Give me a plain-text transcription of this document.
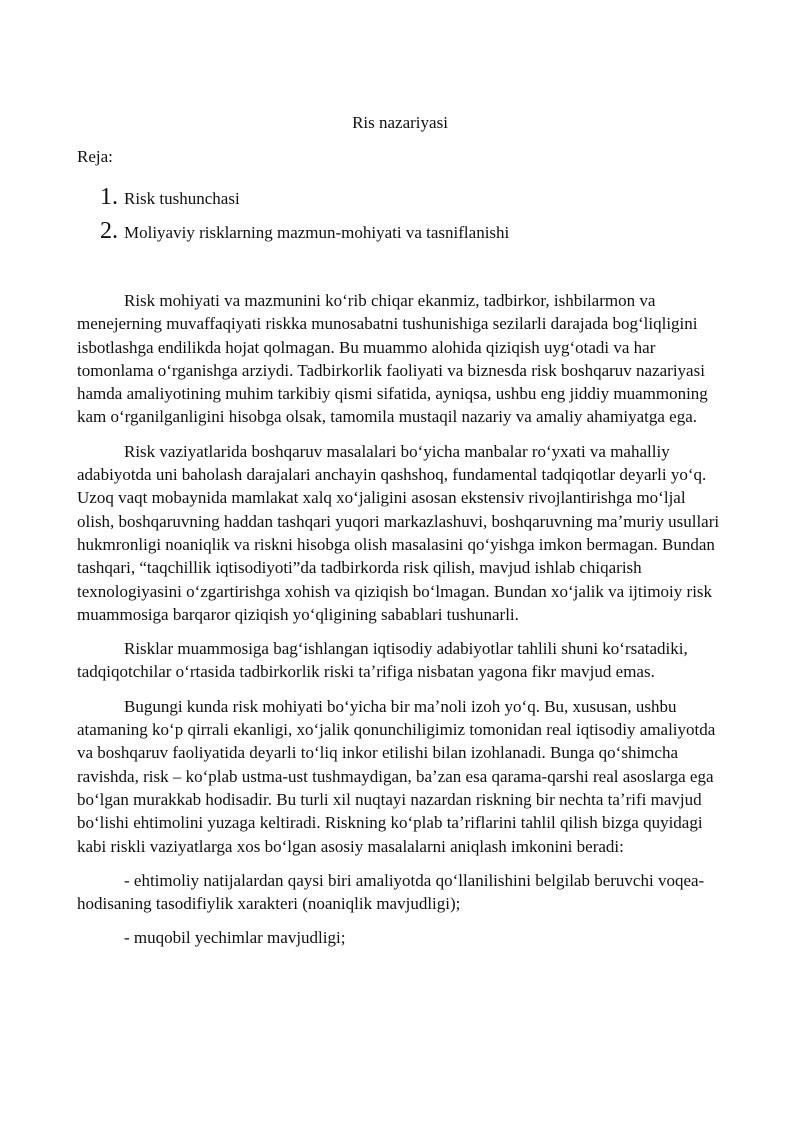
Ris nazariyasi
Reja:
1. Risk tushunchasi
2. Moliyaviy risklarning mazmun-mohiyati va tasniflanishi

Risk mohiyati va mazmunini koʻrib chiqar ekanmiz, tadbirkor, ishbilarmon va menejerning muvaffaqiyati riskka munosabatni tushunishiga sezilarli darajada bogʻliqligini isbotlashga endilikda hojat qolmagan. Bu muammo alohida qiziqish uygʻotadi va har tomonlama oʻrganishga arziydi. Tadbirkorlik faoliyati va biznesda risk boshqaruv nazariyasi hamda amaliyotining muhim tarkibiy qismi sifatida, ayniqsa, ushbu eng jiddiy muammoning kam oʻrganilganligini hisobga olsak, tamomila mustaqil nazariy va amaliy ahamiyatga ega.

Risk vaziyatlarida boshqaruv masalalari boʻyicha manbalar roʻyxati va mahalliy adabiyotda uni baholash darajalari anchayin qashshoq, fundamental tadqiqotlar deyarli yoʻq. Uzoq vaqt mobaynida mamlakat xalq xoʻjaligini asosan ekstensiv rivojlantirishga moʻljal olish, boshqaruvning haddan tashqari yuqori markazlashuvi, boshqaruvning maʼmuriy usullari hukmronligi noaniqlik va riskni hisobga olish masalasini qoʻyishga imkon bermagan. Bundan tashqari, “taqchillik iqtisodiyoti”da tadbirkorda risk qilish, mavjud ishlab chiqarish texnologiyasini oʻzgartirishga xohish va qiziqish boʻlmagan. Bundan xoʻjalik va ijtimoiy risk muammosiga barqaror qiziqish yoʻqligining sabablari tushunarli.

Risklar muammosiga bagʻishlangan iqtisodiy adabiyotlar tahlili shuni koʻrsatadiki, tadqiqotchilar oʻrtasida tadbirkorlik riski taʼrifiga nisbatan yagona fikr mavjud emas.

Bugungi kunda risk mohiyati boʻyicha bir maʼnoli izoh yoʻq. Bu, xususan, ushbu atamaning koʻp qirrali ekanligi, xoʻjalik qonunchiligimiz tomonidan real iqtisodiy amaliyotda va boshqaruv faoliyatida deyarli toʻliq inkor etilishi bilan izohlanadi. Bunga qoʻshimcha ravishda, risk – koʻplab ustma-ust tushmaydigan, baʼzan esa qarama-qarshi real asoslarga ega boʻlgan murakkab hodisadir. Bu turli xil nuqtayi nazardan riskning bir nechta taʼrifi mavjud boʻlishi ehtimolini yuzaga keltiradi. Riskning koʻplab taʼriflarini tahlil qilish bizga quyidagi kabi riskli vaziyatlarga xos boʻlgan asosiy masalalarni aniqlash imkonini beradi:

- ehtimoliy natijalardan qaysi biri amaliyotda qoʻllanilishini belgilab beruvchi voqea-hodisaning tasodifiylik xarakteri (noaniqlik mavjudligi);

- muqobil yechimlar mavjudligi;
